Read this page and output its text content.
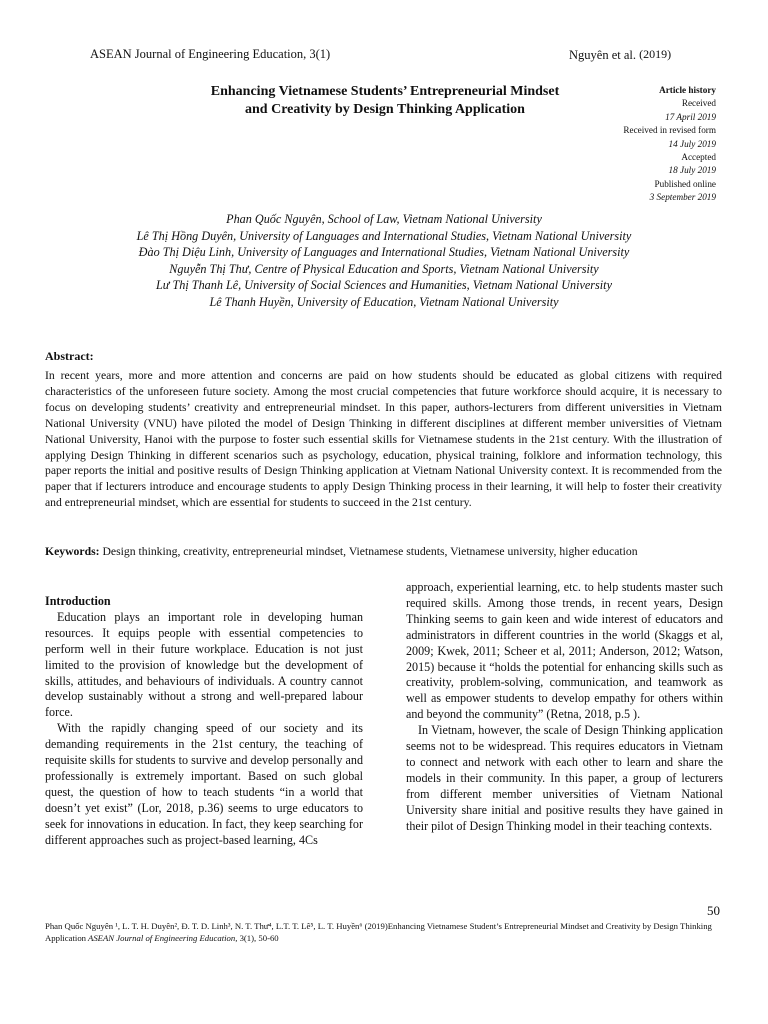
ASEAN Journal of Engineering Education, 3(1)	Nguyên et al. $^{(2019)}$
Enhancing Vietnamese Students’ Entrepreneurial Mindset
and Creativity by Design Thinking Application
Article history
Received
17 April 2019
Received in revised form
14 July 2019
Accepted
18 July 2019
Published online
3 September 2019
Phan Quốc Nguyên, School of Law, Vietnam National University
Lê Thị Hồng Duyên, University of Languages and International Studies, Vietnam National University
Đào Thị Diệu Linh, University of Languages and International Studies, Vietnam National University
Nguyễn Thị Thư, Centre of Physical Education and Sports, Vietnam National University
Lư Thị Thanh Lê, University of Social Sciences and Humanities, Vietnam National University
Lê Thanh Huyền, University of Education, Vietnam National University
Abstract:
In recent years, more and more attention and concerns are paid on how students should be educated as global citizens with required characteristics of the unforeseen future society. Among the most crucial competencies that future workforce should acquire, it is necessary to focus on developing students’ creativity and entrepreneurial mindset. In this paper, authors-lecturers from different universities in Vietnam National University (VNU) have piloted the model of Design Thinking in different disciplines at different member universities of Vietnam National University, Hanoi with the purpose to foster such essential skills for Vietnamese students in the 21st century. With the illustration of applying Design Thinking in different scenarios such as psychology, education, physical training, folklore and information technology, this paper reports the initial and positive results of Design Thinking application at Vietnam National University context. It is recommended from the paper that if lecturers introduce and encourage students to apply Design Thinking process in their learning, it will help to foster their creativity and entrepreneurial mindset, which are essential for students to succeed in the 21st century.
Keywords: Design thinking, creativity, entrepreneurial mindset, Vietnamese students, Vietnamese university, higher education

Introduction

Education plays an important role in developing human resources. It equips people with essential competencies to perform well in their future workplace. Education is not just limited to the provision of knowledge but the development of skills, attitudes, and behaviours of individuals. A country cannot develop sustainably without a strong and well-prepared labour force.

With the rapidly changing speed of our society and its demanding requirements in the 21st century, the teaching of requisite skills for students to survive and develop personally and professionally is extremely important. Based on such global quest, the question of how to teach students “in a world that doesn’t yet exist” (Lor, 2018, p.36) seems to urge educators to seek for innovations in education. In fact, they keep searching for different approaches such as project-based learning, 4Cs

approach, experiential learning, etc. to help students master such required skills. Among those trends, in recent years, Design Thinking seems to gain keen and wide interest of educators and administrators in different countries in the world (Skaggs et al, 2009; Kwek, 2011; Scheer et al, 2011; Anderson, 2012; Watson, 2015) because it “holds the potential for enhancing skills such as creativity, problem-solving, communication, and teamwork as well as empower students to develop empathy for others within and beyond the community” (Retna, 2018, p.5 ).

In Vietnam, however, the scale of Design Thinking application seems not to be widespread. This requires educators in Vietnam to connect and network with each other to learn and share the models in their community. In this paper, a group of lecturers from different member universities of Vietnam National University share initial and positive results they have gained in their pilot of Design Thinking model in their teaching contexts.

50
Phan Quốc Nguyên ¹, L. T. H. Duyên², Đ. T. D. Linh³, N. T. Thư⁴, L.T. T. Lê⁵, L. T. Huyền⁶ (2019)Enhancing Vietnamese Student’s Entrepreneurial Mindset and Creativity by Design Thinking Application ASEAN Journal of Engineering Education, 3(1), 50-60
